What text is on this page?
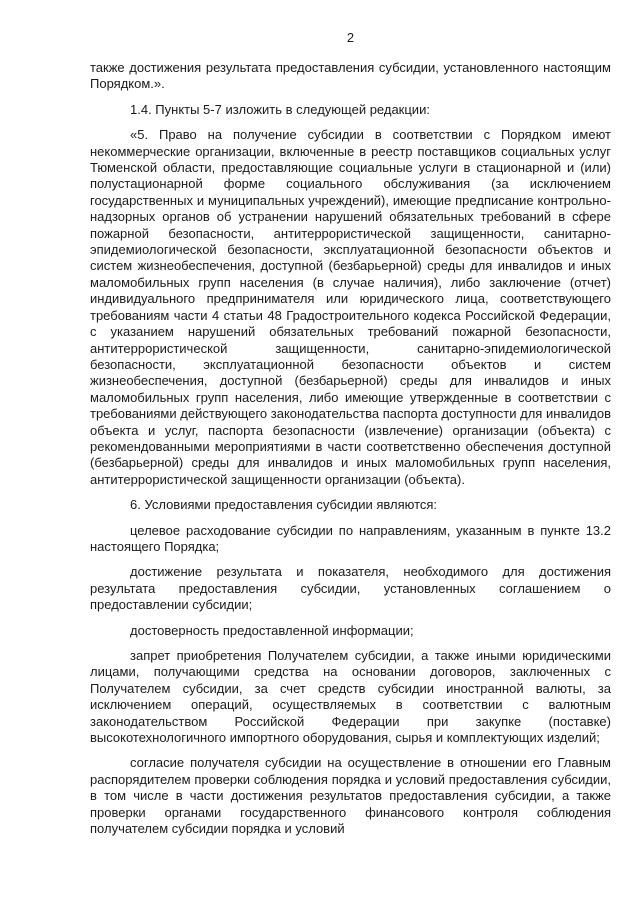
2

также достижения результата предоставления субсидии, установленного настоящим Порядком.».

1.4. Пункты 5-7 изложить в следующей редакции:

«5. Право на получение субсидии в соответствии с Порядком имеют некоммерческие организации, включенные в реестр поставщиков социальных услуг Тюменской области, предоставляющие социальные услуги в стационарной и (или) полустационарной форме социального обслуживания (за исключением государственных и муниципальных учреждений), имеющие предписание контрольно-надзорных органов об устранении нарушений обязательных требований в сфере пожарной безопасности, антитеррористической защищенности, санитарно-эпидемиологической безопасности, эксплуатационной безопасности объектов и систем жизнеобеспечения, доступной (безбарьерной) среды для инвалидов и иных маломобильных групп населения (в случае наличия), либо заключение (отчет) индивидуального предпринимателя или юридического лица, соответствующего требованиям части 4 статьи 48 Градостроительного кодекса Российской Федерации, с указанием нарушений обязательных требований пожарной безопасности, антитеррористической защищенности, санитарно-эпидемиологической безопасности, эксплуатационной безопасности объектов и систем жизнеобеспечения, доступной (безбарьерной) среды для инвалидов и иных маломобильных групп населения, либо имеющие утвержденные в соответствии с требованиями действующего законодательства паспорта доступности для инвалидов объекта и услуг, паспорта безопасности (извлечение) организации (объекта) с рекомендованными мероприятиями в части соответственно обеспечения доступной (безбарьерной) среды для инвалидов и иных маломобильных групп населения, антитеррористической защищенности организации (объекта).

6. Условиями предоставления субсидии являются:

целевое расходование субсидии по направлениям, указанным в пункте 13.2 настоящего Порядка;

достижение результата и показателя, необходимого для достижения результата предоставления субсидии, установленных соглашением о предоставлении субсидии;

достоверность предоставленной информации;

запрет приобретения Получателем субсидии, а также иными юридическими лицами, получающими средства на основании договоров, заключенных с Получателем субсидии, за счет средств субсидии иностранной валюты, за исключением операций, осуществляемых в соответствии с валютным законодательством Российской Федерации при закупке (поставке) высокотехнологичного импортного оборудования, сырья и комплектующих изделий;

согласие получателя субсидии на осуществление в отношении его Главным распорядителем проверки соблюдения порядка и условий предоставления субсидии, в том числе в части достижения результатов предоставления субсидии, а также проверки органами государственного финансового контроля соблюдения получателем субсидии порядка и условий
